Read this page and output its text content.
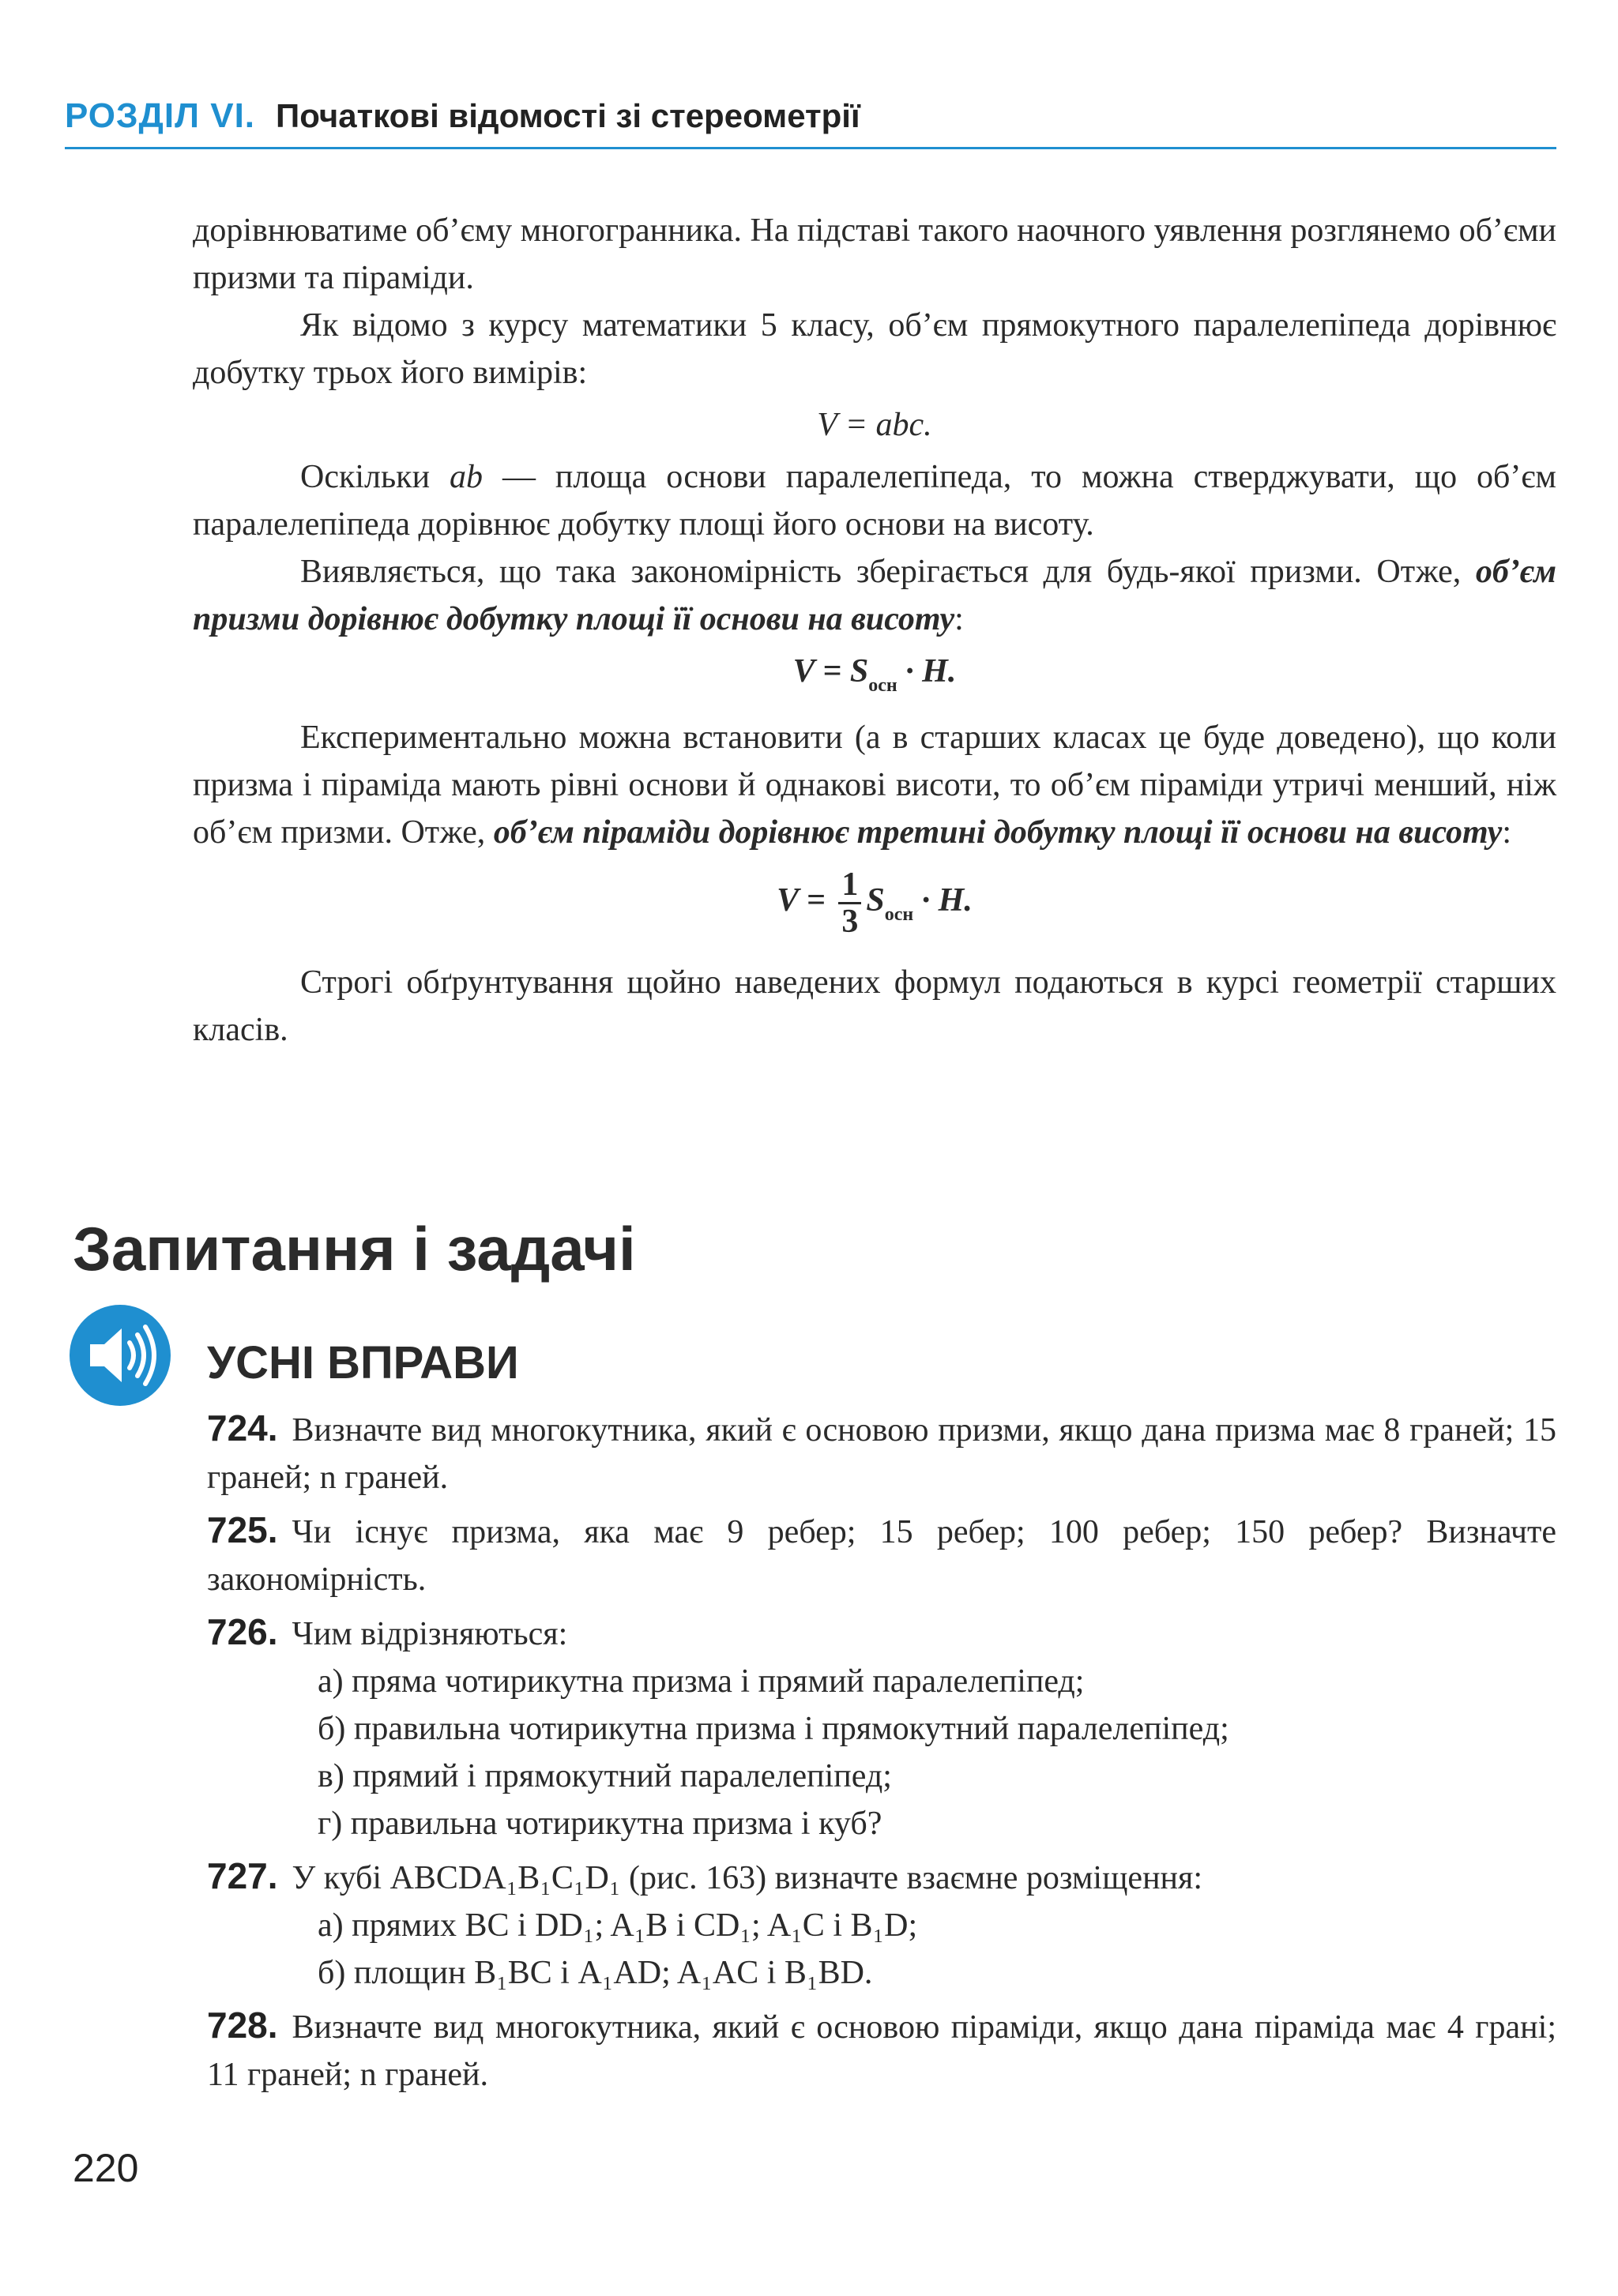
РОЗДІЛ VI. Початкові відомості зі стереометрії

дорівнюватиме об’єму многогранника. На підставі такого наочного уявлення розглянемо об’єми призми та піраміди.

Як відомо з курсу математики 5 класу, об’єм прямокутного паралелепіпеда дорівнює добутку трьох його вимірів:

V = abc.

Оскільки ab — площа основи паралелепіпеда, то можна стверджувати, що об’єм паралелепіпеда дорівнює добутку площі його основи на висоту.

Виявляється, що така закономірність зберігається для будь-якої призми. Отже, об’єм призми дорівнює добутку площі її основи на висоту:

$V = S_{осн} \cdot H$.

Експериментально можна встановити (а в старших класах це буде доведено), що коли призма і піраміда мають рівні основи й однакові висоти, то об’єм піраміди утричі менший, ніж об’єм призми. Отже, об’єм піраміди дорівнює третині добутку площі її основи на висоту:

$V = \frac{1}{3} S_{осн} \cdot H$.

Строгі обґрунтування щойно наведених формул подаються в курсі геометрії старших класів.

Запитання і задачі
УСНІ ВПРАВИ
724. Визначте вид многокутника, який є основою призми, якщо дана призма має 8 граней; 15 граней; n граней.
725. Чи існує призма, яка має 9 ребер; 15 ребер; 100 ребер; 150 ребер? Визначте закономірність.
726. Чим відрізняються:
а) пряма чотирикутна призма і прямий паралелепіпед;
б) правильна чотирикутна призма і прямокутний паралелепіпед;
в) прямий і прямокутний паралелепіпед;
г) правильна чотирикутна призма і куб?
727. У кубі ABCDA₁B₁C₁D₁ (рис. 163) визначте взаємне розміщення:
а) прямих BC і DD₁; A₁B і CD₁; A₁C і B₁D;
б) площин B₁BC і A₁AD; A₁AC і B₁BD.
728. Визначте вид многокутника, який є основою піраміди, якщо дана піраміда має 4 грані; 11 граней; n граней.
220
